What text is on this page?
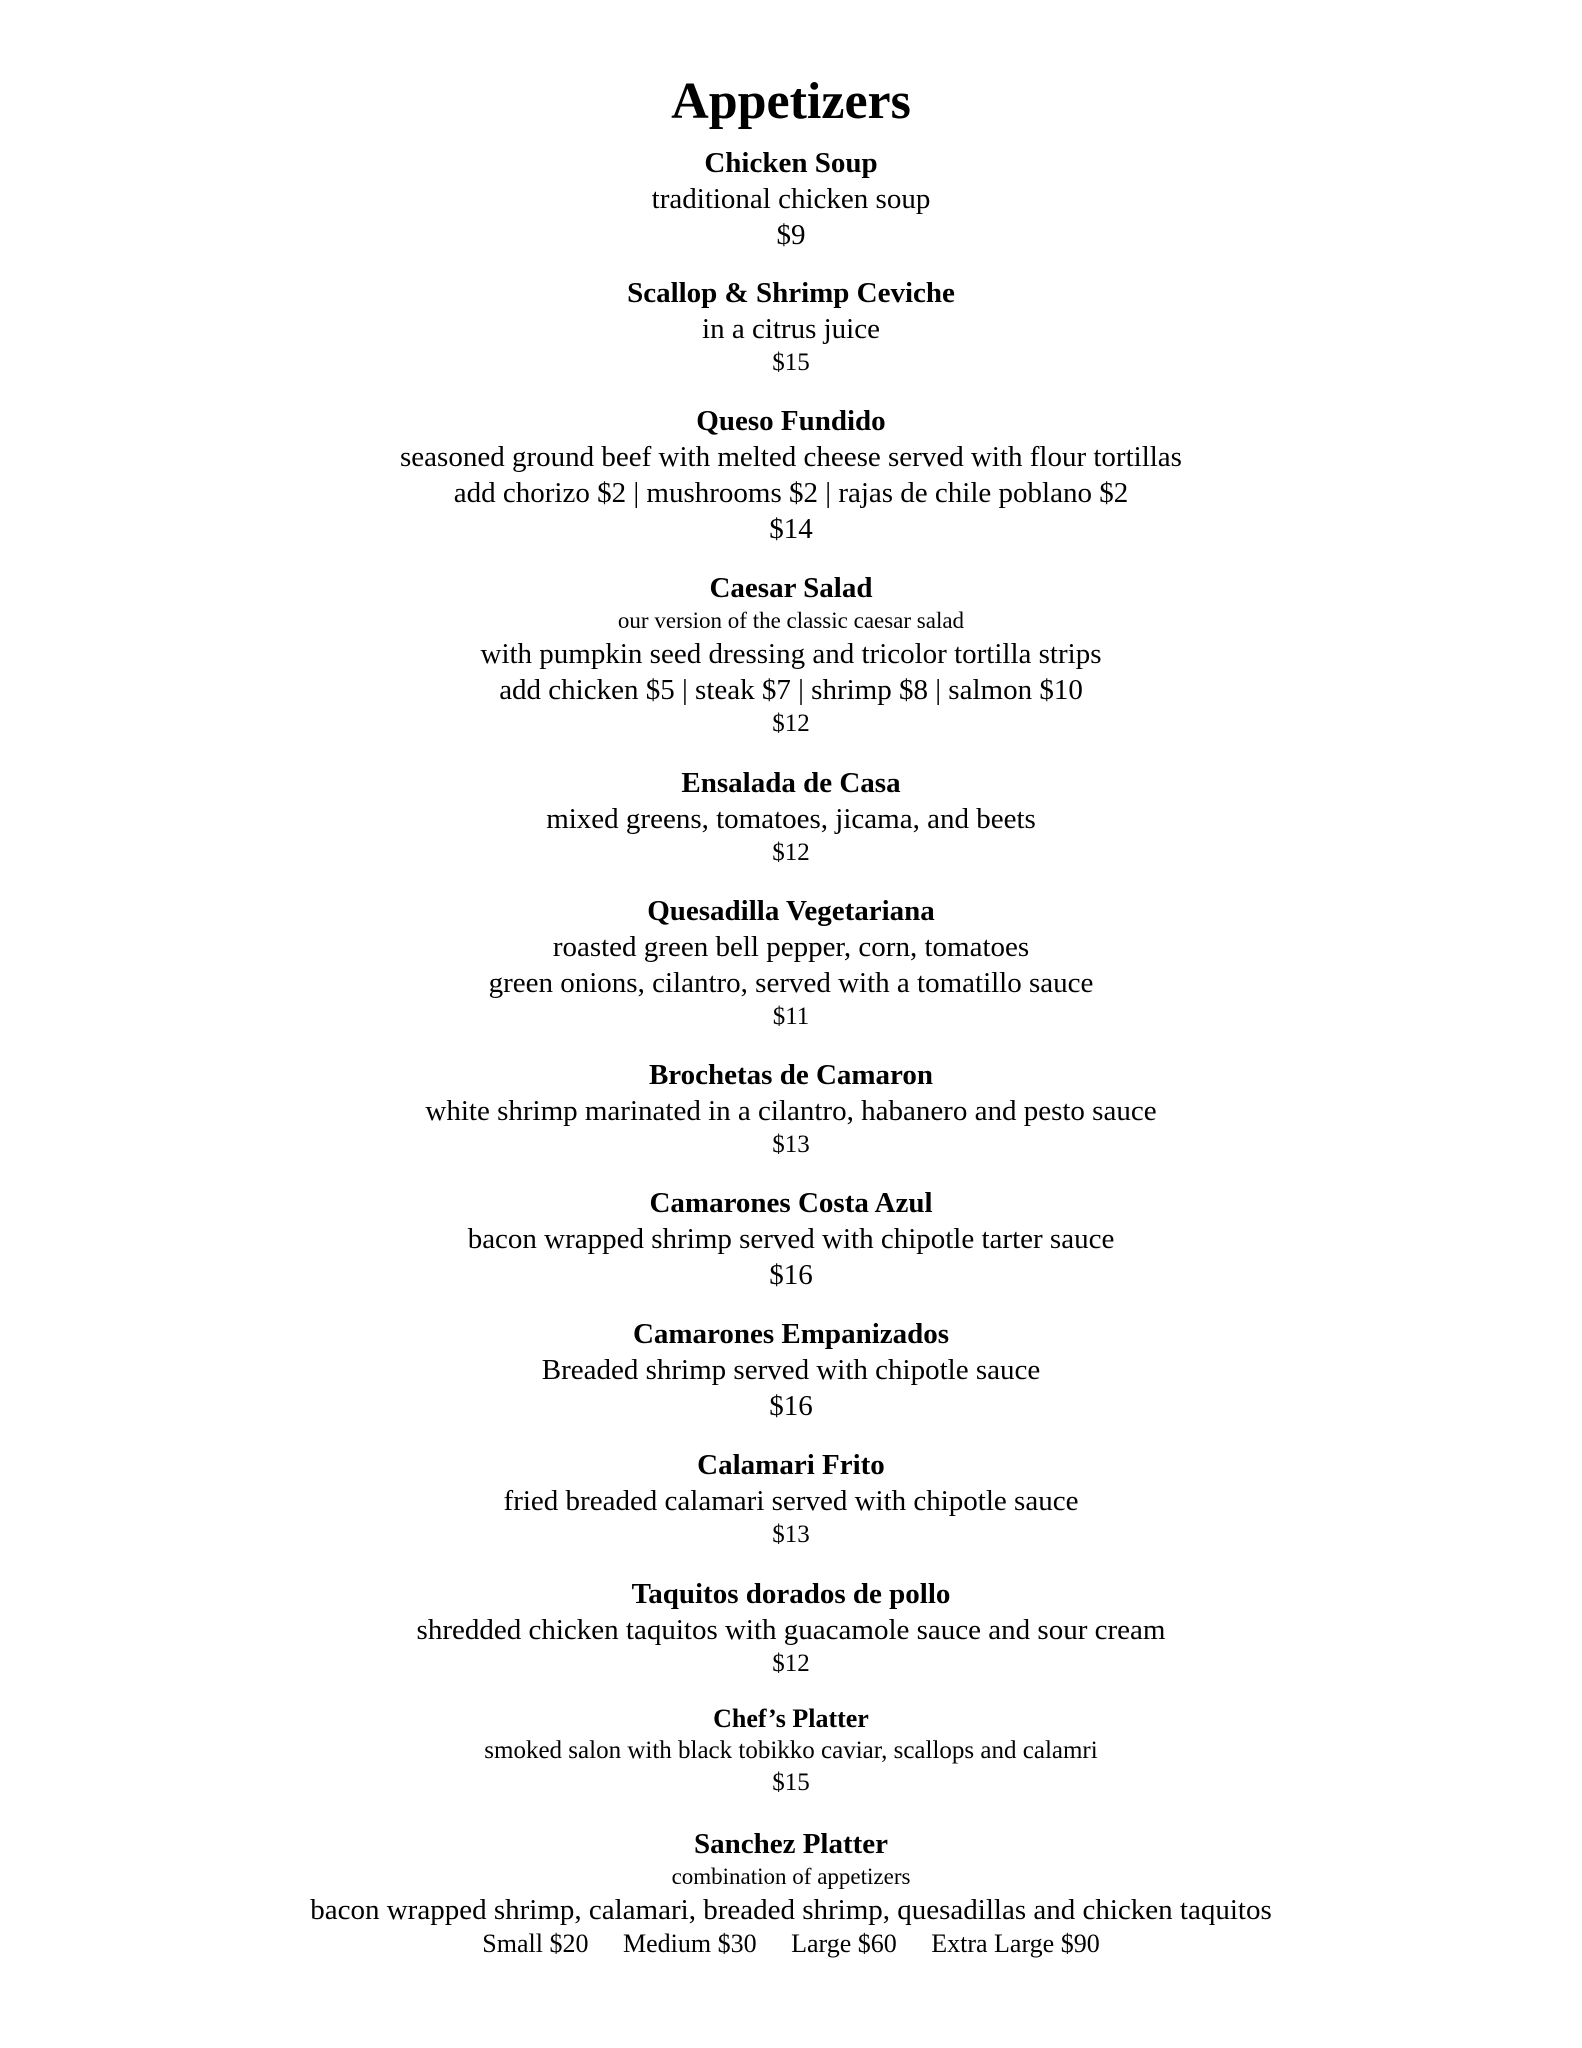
Appetizers
Chicken Soup
traditional chicken soup
$9
Scallop & Shrimp Ceviche
in a citrus juice
$15
Queso Fundido
seasoned ground beef with melted cheese served with flour tortillas
add chorizo $2 | mushrooms $2 | rajas de chile poblano $2
$14
Caesar Salad
our version of the classic caesar salad
with pumpkin seed dressing and tricolor tortilla strips
add chicken $5 | steak $7 | shrimp $8 | salmon $10
$12
Ensalada de Casa
mixed greens, tomatoes, jicama, and beets
$12
Quesadilla Vegetariana
roasted green bell pepper, corn, tomatoes
green onions, cilantro, served with a tomatillo sauce
$11
Brochetas de Camaron
white shrimp marinated in a cilantro, habanero and pesto sauce
$13
Camarones Costa Azul
bacon wrapped shrimp served with chipotle tarter sauce
$16
Camarones Empanizados
Breaded shrimp served with chipotle sauce
$16
Calamari Frito
fried breaded calamari served with chipotle sauce
$13
Taquitos dorados de pollo
shredded chicken taquitos with guacamole sauce and sour cream
$12
Chef’s Platter
smoked salon with black tobikko caviar, scallops and calamri
$15
Sanchez Platter
combination of appetizers
bacon wrapped shrimp, calamari, breaded shrimp, quesadillas and chicken taquitos
Small $20 Medium $30 Large $60 Extra Large $90
